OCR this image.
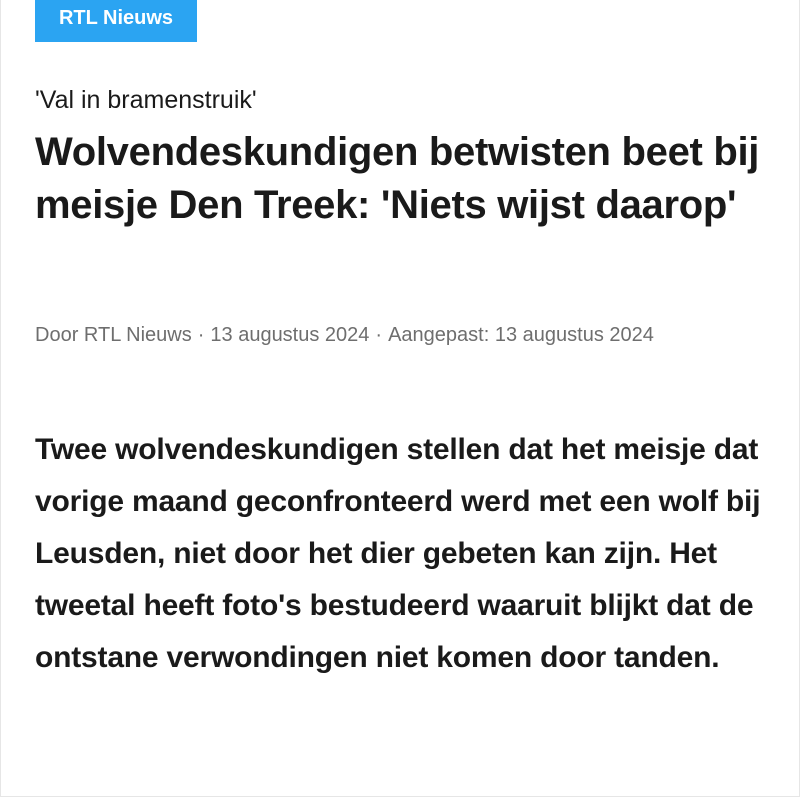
RTL Nieuws
'Val in bramenstruik'
Wolvendeskundigen betwisten beet bij meisje Den Treek: 'Niets wijst daarop'
Door RTL Nieuws · 13 augustus 2024 · Aangepast: 13 augustus 2024

Twee wolvendeskundigen stellen dat het meisje dat vorige maand geconfronteerd werd met een wolf bij Leusden, niet door het dier gebeten kan zijn. Het tweetal heeft foto's bestudeerd waaruit blijkt dat de ontstane verwondingen niet komen door tanden.
